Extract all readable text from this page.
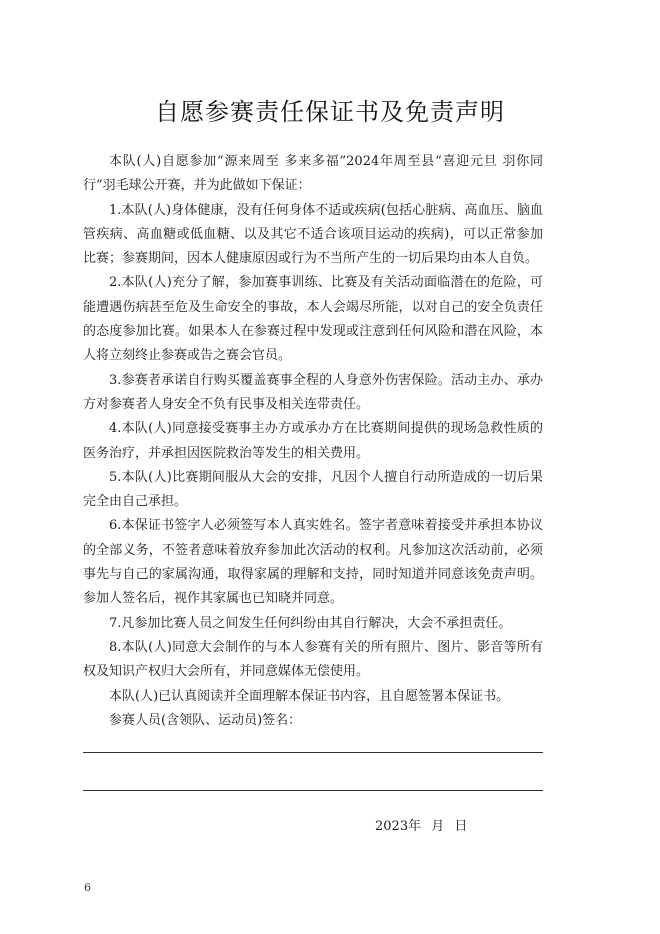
自愿参赛责任保证书及免责声明

本队(人)自愿参加“源来周至 多来多福”2024年周至县“喜迎元旦 羽你同行”羽毛球公开赛，并为此做如下保证：

1.本队(人)身体健康，没有任何身体不适或疾病(包括心脏病、高血压、脑血管疾病、高血糖或低血糖、以及其它不适合该项目运动的疾病)，可以正常参加比赛；参赛期间，因本人健康原因或行为不当所产生的一切后果均由本人自负。

2.本队(人)充分了解，参加赛事训练、比赛及有关活动面临潜在的危险，可能遭遇伤病甚至危及生命安全的事故，本人会竭尽所能，以对自己的安全负责任的态度参加比赛。如果本人在参赛过程中发现或注意到任何风险和潜在风险，本人将立刻终止参赛或告之赛会官员。

3.参赛者承诺自行购买覆盖赛事全程的人身意外伤害保险。活动主办、承办方对参赛者人身安全不负有民事及相关连带责任。

4.本队(人)同意接受赛事主办方或承办方在比赛期间提供的现场急救性质的医务治疗，并承担因医院救治等发生的相关费用。

5.本队(人)比赛期间服从大会的安排，凡因个人擅自行动所造成的一切后果完全由自己承担。

6.本保证书签字人必须签写本人真实姓名。签字者意味着接受并承担本协议的全部义务，不签者意味着放弃参加此次活动的权利。凡参加这次活动前，必须事先与自己的家属沟通，取得家属的理解和支持，同时知道并同意该免责声明。参加人签名后，视作其家属也已知晓并同意。

7.凡参加比赛人员之间发生任何纠纷由其自行解决，大会不承担责任。

8.本队(人)同意大会制作的与本人参赛有关的所有照片、图片、影音等所有权及知识产权归大会所有，并同意媒体无偿使用。

本队(人)已认真阅读并全面理解本保证书内容，且自愿签署本保证书。

参赛人员(含领队、运动员)签名：

2023年 月 日
6
